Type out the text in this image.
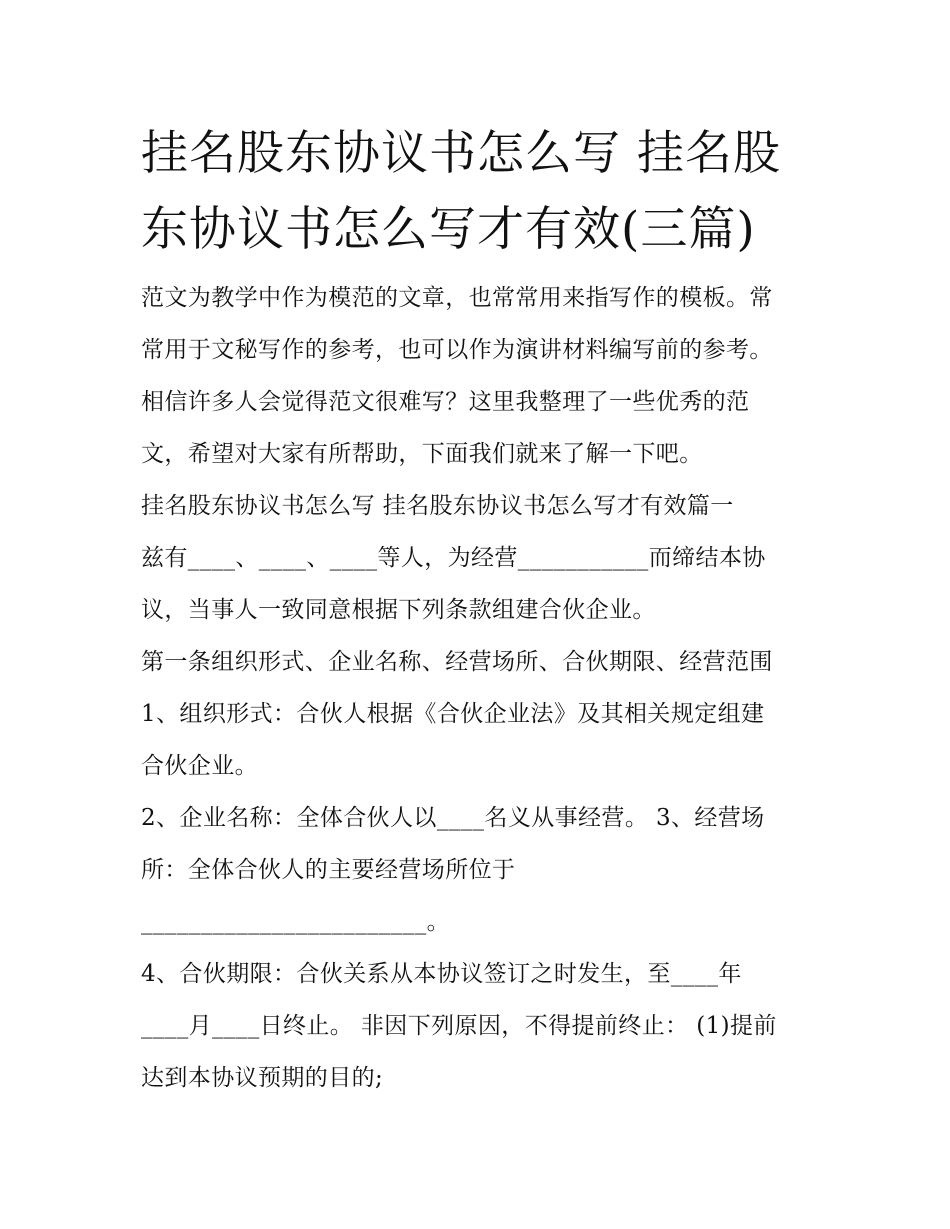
挂名股东协议书怎么写 挂名股
东协议书怎么写才有效(三篇)
范文为教学中作为模范的文章，也常常用来指写作的模板。常
常用于文秘写作的参考，也可以作为演讲材料编写前的参考。
相信许多人会觉得范文很难写？这里我整理了一些优秀的范
文，希望对大家有所帮助，下面我们就来了解一下吧。
挂名股东协议书怎么写 挂名股东协议书怎么写才有效篇一
兹有____、____、____等人，为经营___________而缔结本协
议，当事人一致同意根据下列条款组建合伙企业。
第一条组织形式、企业名称、经营场所、合伙期限、经营范围
1、组织形式：合伙人根据《合伙企业法》及其相关规定组建
合伙企业。
2、企业名称：全体合伙人以____名义从事经营。 3、经营场
所：全体合伙人的主要经营场所位于
________________________。
4、合伙期限：合伙关系从本协议签订之时发生，至____年
____月____日终止。 非因下列原因，不得提前终止： (1)提前
达到本协议预期的目的;
